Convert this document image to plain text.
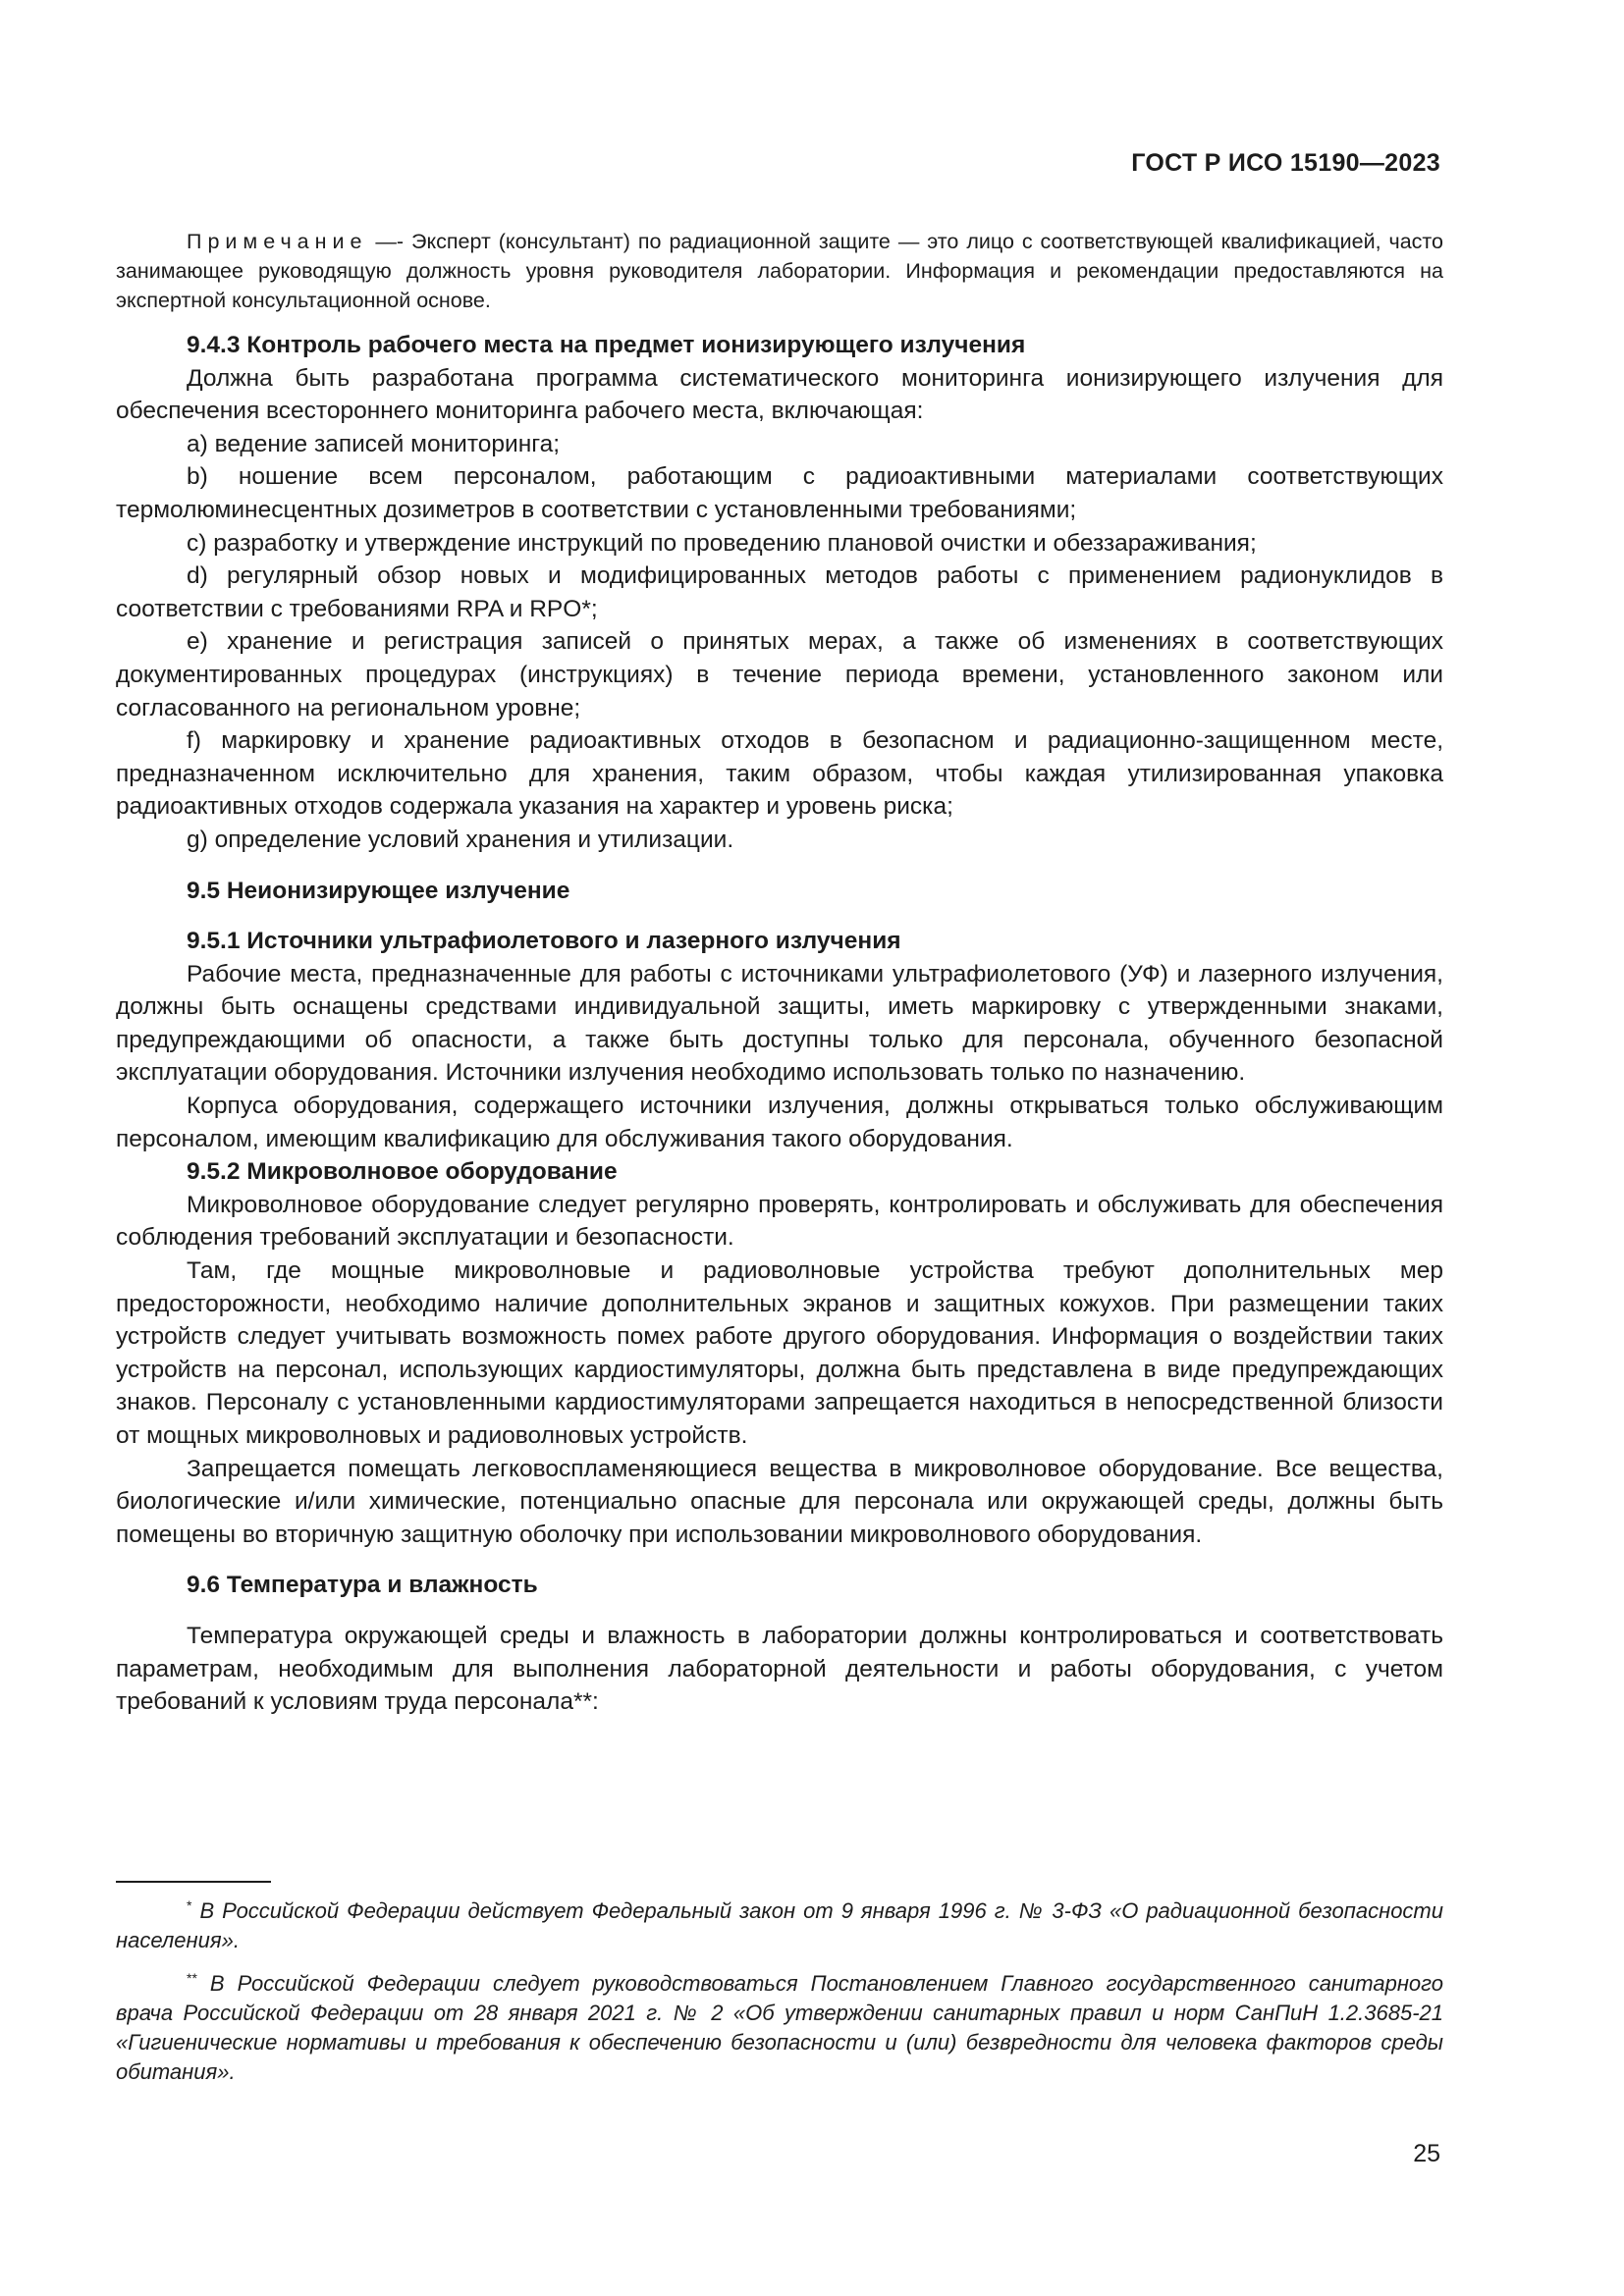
ГОСТ Р ИСО 15190—2023

Примечание —- Эксперт (консультант) по радиационной защите — это лицо с соответствующей квалификацией, часто занимающее руководящую должность уровня руководителя лаборатории. Информация и рекомендации предоставляются на экспертной консультационной основе.

9.4.3 Контроль рабочего места на предмет ионизирующего излучения

Должна быть разработана программа систематического мониторинга ионизирующего излучения для обеспечения всестороннего мониторинга рабочего места, включающая:

a) ведение записей мониторинга;

b) ношение всем персоналом, работающим с радиоактивными материалами соответствующих термолюминесцентных дозиметров в соответствии с установленными требованиями;

c) разработку и утверждение инструкций по проведению плановой очистки и обеззараживания;

d) регулярный обзор новых и модифицированных методов работы с применением радионуклидов в соответствии с требованиями RPA и RPO*;

e) хранение и регистрация записей о принятых мерах, а также об изменениях в соответствующих документированных процедурах (инструкциях) в течение периода времени, установленного законом или согласованного на региональном уровне;

f) маркировку и хранение радиоактивных отходов в безопасном и радиационно-защищенном месте, предназначенном исключительно для хранения, таким образом, чтобы каждая утилизированная упаковка радиоактивных отходов содержала указания на характер и уровень риска;

g) определение условий хранения и утилизации.

9.5 Неионизирующее излучение

9.5.1 Источники ультрафиолетового и лазерного излучения

Рабочие места, предназначенные для работы с источниками ультрафиолетового (УФ) и лазерного излучения, должны быть оснащены средствами индивидуальной защиты, иметь маркировку с утвержденными знаками, предупреждающими об опасности, а также быть доступны только для персонала, обученного безопасной эксплуатации оборудования. Источники излучения необходимо использовать только по назначению.

Корпуса оборудования, содержащего источники излучения, должны открываться только обслуживающим персоналом, имеющим квалификацию для обслуживания такого оборудования.

9.5.2 Микроволновое оборудование

Микроволновое оборудование следует регулярно проверять, контролировать и обслуживать для обеспечения соблюдения требований эксплуатации и безопасности.

Там, где мощные микроволновые и радиоволновые устройства требуют дополнительных мер предосторожности, необходимо наличие дополнительных экранов и защитных кожухов. При размещении таких устройств следует учитывать возможность помех работе другого оборудования. Информация о воздействии таких устройств на персонал, использующих кардиостимуляторы, должна быть представлена в виде предупреждающих знаков. Персоналу с установленными кардиостимуляторами запрещается находиться в непосредственной близости от мощных микроволновых и радиоволновых устройств.

Запрещается помещать легковоспламеняющиеся вещества в микроволновое оборудование. Все вещества, биологические и/или химические, потенциально опасные для персонала или окружающей среды, должны быть помещены во вторичную защитную оболочку при использовании микроволнового оборудования.

9.6 Температура и влажность

Температура окружающей среды и влажность в лаборатории должны контролироваться и соответствовать параметрам, необходимым для выполнения лабораторной деятельности и работы оборудования, с учетом требований к условиям труда персонала**:

* В Российской Федерации действует Федеральный закон от 9 января 1996 г. № 3-ФЗ «О радиационной безопасности населения».

** В Российской Федерации следует руководствоваться Постановлением Главного государственного санитарного врача Российской Федерации от 28 января 2021 г. № 2 «Об утверждении санитарных правил и норм СанПиН 1.2.3685-21 «Гигиенические нормативы и требования к обеспечению безопасности и (или) безвредности для человека факторов среды обитания».

25
